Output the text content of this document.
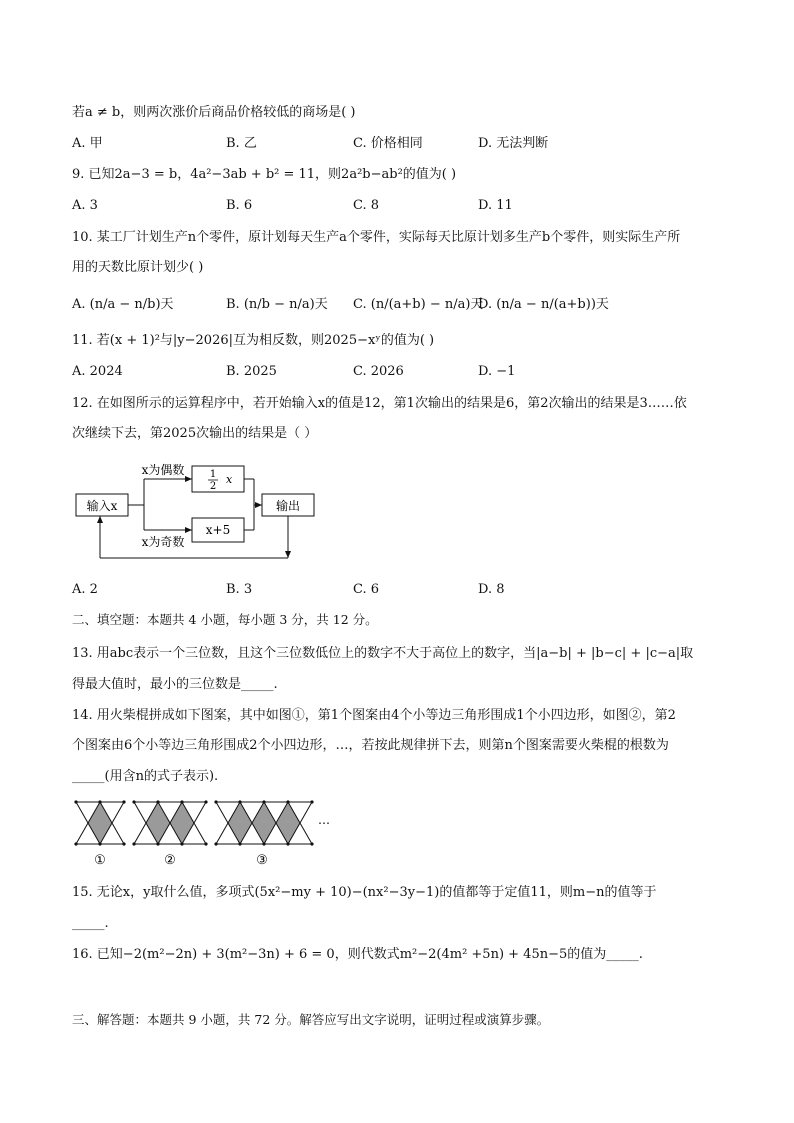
若a ≠ b，则两次涨价后商品价格较低的商场是( )
A. 甲	B. 乙	C. 价格相同	D. 无法判断
9. 已知2a−3 = b，4a²−3ab + b² = 11，则2a²b−ab²的值为( )
A. 3	B. 6	C. 8	D. 11
10. 某工厂计划生产n个零件，原计划每天生产a个零件，实际每天比原计划多生产b个零件，则实际生产所
用的天数比原计划少( )
A. (n/a − n/b)天	B. (n/b − n/a)天 C. (n/(a+b) − n/a)天
D. (n/a − n/(a+b))天
11. 若(x + 1)²与|y−2026|互为相反数，则2025−xʸ的值为( )
A. 2024	B. 2025	C. 2026	D. −1
12. 在如图所示的运算程序中，若开始输入x的值是12，第1次输出的结果是6，第2次输出的结果是3……依
次继续下去，第2025次输出的结果是（ ）
输入x	输出
x为偶数
x为奇数
1
2
x
x+5
A. 2	B. 3	C. 6	D. 8
二、填空题：本题共 4 小题，每小题 3 分，共 12 分。
13. 用abc表示一个三位数，且这个三位数低位上的数字不大于高位上的数字，当|a−b| + |b−c| + |c−a|取
得最大值时，最小的三位数是_____.
14. 用火柴棍拼成如下图案，其中如图①，第1个图案由4个小等边三角形围成1个小四边形，如图②，第2
个图案由6个小等边三角形围成2个小四边形，…，若按此规律拼下去，则第n个图案需要火柴棍的根数为
_____(用含n的式子表示).
…
①	②	③
15. 无论x，y取什么值，多项式(5x²−my + 10)−(nx²−3y−1)的值都等于定值11，则m−n的值等于
_____.
16. 已知−2(m²−2n) + 3(m²−3n) + 6 = 0，则代数式m²−2(4m² +5n) + 45n−5的值为_____.
三、解答题：本题共 9 小题，共 72 分。解答应写出文字说明，证明过程或演算步骤。
